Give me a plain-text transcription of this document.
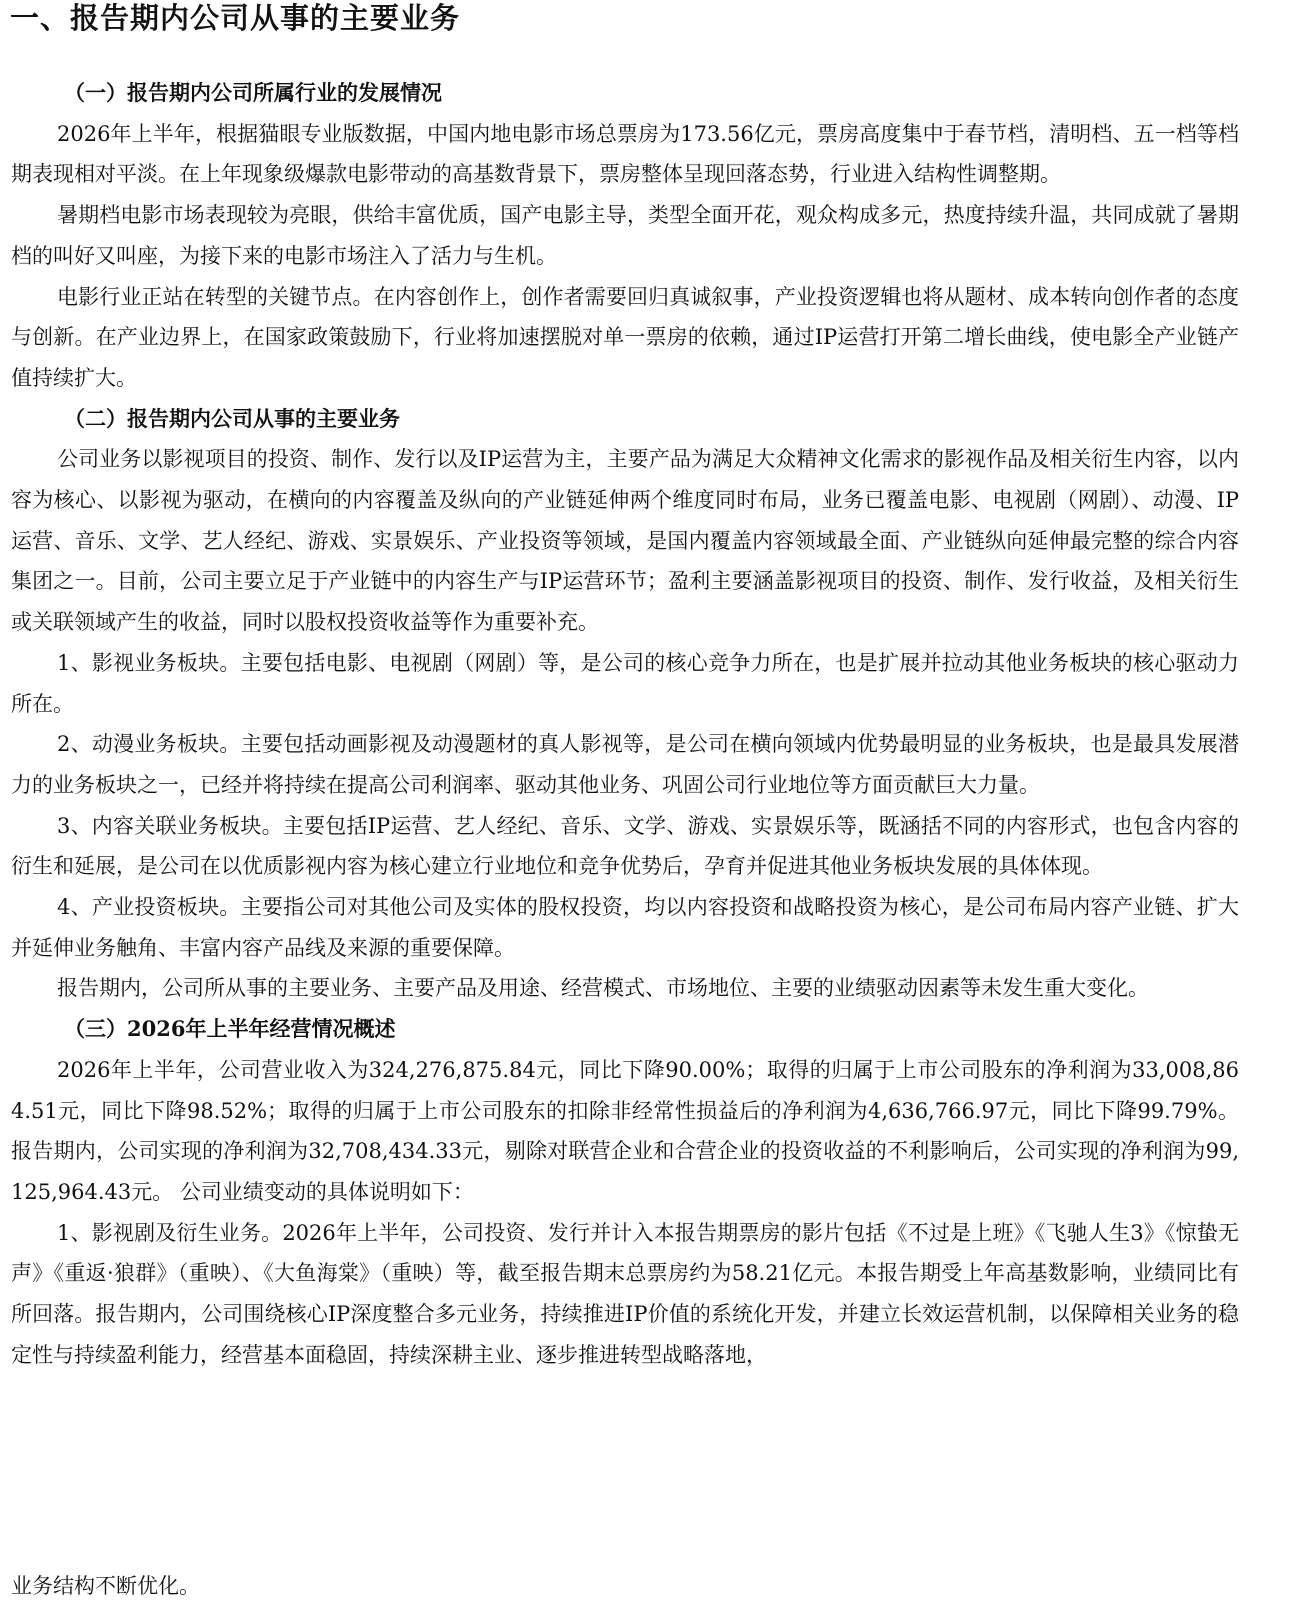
一、报告期内公司从事的主要业务
（一）报告期内公司所属行业的发展情况

2026年上半年，根据猫眼专业版数据，中国内地电影市场总票房为173.56亿元，票房高度集中于春节档，清明档、五一档等档期表现相对平淡。在上年现象级爆款电影带动的高基数背景下，票房整体呈现回落态势，行业进入结构性调整期。

暑期档电影市场表现较为亮眼，供给丰富优质，国产电影主导，类型全面开花，观众构成多元，热度持续升温，共同成就了暑期档的叫好又叫座，为接下来的电影市场注入了活力与生机。

电影行业正站在转型的关键节点。在内容创作上，创作者需要回归真诚叙事，产业投资逻辑也将从题材、成本转向创作者的态度与创新。在产业边界上，在国家政策鼓励下，行业将加速摆脱对单一票房的依赖，通过IP运营打开第二增长曲线，使电影全产业链产值持续扩大。

（二）报告期内公司从事的主要业务

公司业务以影视项目的投资、制作、发行以及IP运营为主，主要产品为满足大众精神文化需求的影视作品及相关衍生内容，以内容为核心、以影视为驱动，在横向的内容覆盖及纵向的产业链延伸两个维度同时布局，业务已覆盖电影、电视剧（网剧）、动漫、IP运营、音乐、文学、艺人经纪、游戏、实景娱乐、产业投资等领域，是国内覆盖内容领域最全面、产业链纵向延伸最完整的综合内容集团之一。目前，公司主要立足于产业链中的内容生产与IP运营环节；盈利主要涵盖影视项目的投资、制作、发行收益，及相关衍生或关联领域产生的收益，同时以股权投资收益等作为重要补充。

1、影视业务板块。主要包括电影、电视剧（网剧）等，是公司的核心竞争力所在，也是扩展并拉动其他业务板块的核心驱动力所在。

2、动漫业务板块。主要包括动画影视及动漫题材的真人影视等，是公司在横向领域内优势最明显的业务板块，也是最具发展潜力的业务板块之一，已经并将持续在提高公司利润率、驱动其他业务、巩固公司行业地位等方面贡献巨大力量。

3、内容关联业务板块。主要包括IP运营、艺人经纪、音乐、文学、游戏、实景娱乐等，既涵括不同的内容形式，也包含内容的衍生和延展，是公司在以优质影视内容为核心建立行业地位和竞争优势后，孕育并促进其他业务板块发展的具体体现。

4、产业投资板块。主要指公司对其他公司及实体的股权投资，均以内容投资和战略投资为核心，是公司布局内容产业链、扩大并延伸业务触角、丰富内容产品线及来源的重要保障。

报告期内，公司所从事的主要业务、主要产品及用途、经营模式、市场地位、主要的业绩驱动因素等未发生重大变化。

（三）2026年上半年经营情况概述

2026年上半年，公司营业收入为324,276,875.84元，同比下降90.00%；取得的归属于上市公司股东的净利润为33,008,864.51元，同比下降98.52%；取得的归属于上市公司股东的扣除非经常性损益后的净利润为4,636,766.97元，同比下降99.79%。报告期内，公司实现的净利润为32,708,434.33元，剔除对联营企业和合营企业的投资收益的不利影响后，公司实现的净利润为99,125,964.43元。 公司业绩变动的具体说明如下：

1、影视剧及衍生业务。2026年上半年，公司投资、发行并计入本报告期票房的影片包括《不过是上班》《飞驰人生3》《惊蛰无声》《重返·狼群》（重映）、《大鱼海棠》（重映）等，截至报告期末总票房约为58.21亿元。本报告期受上年高基数影响，业绩同比有所回落。报告期内，公司围绕核心IP深度整合多元业务，持续推进IP价值的系统化开发，并建立长效运营机制，以保障相关业务的稳定性与持续盈利能力，经营基本面稳固，持续深耕主业、逐步推进转型战略落地，

业务结构不断优化。
